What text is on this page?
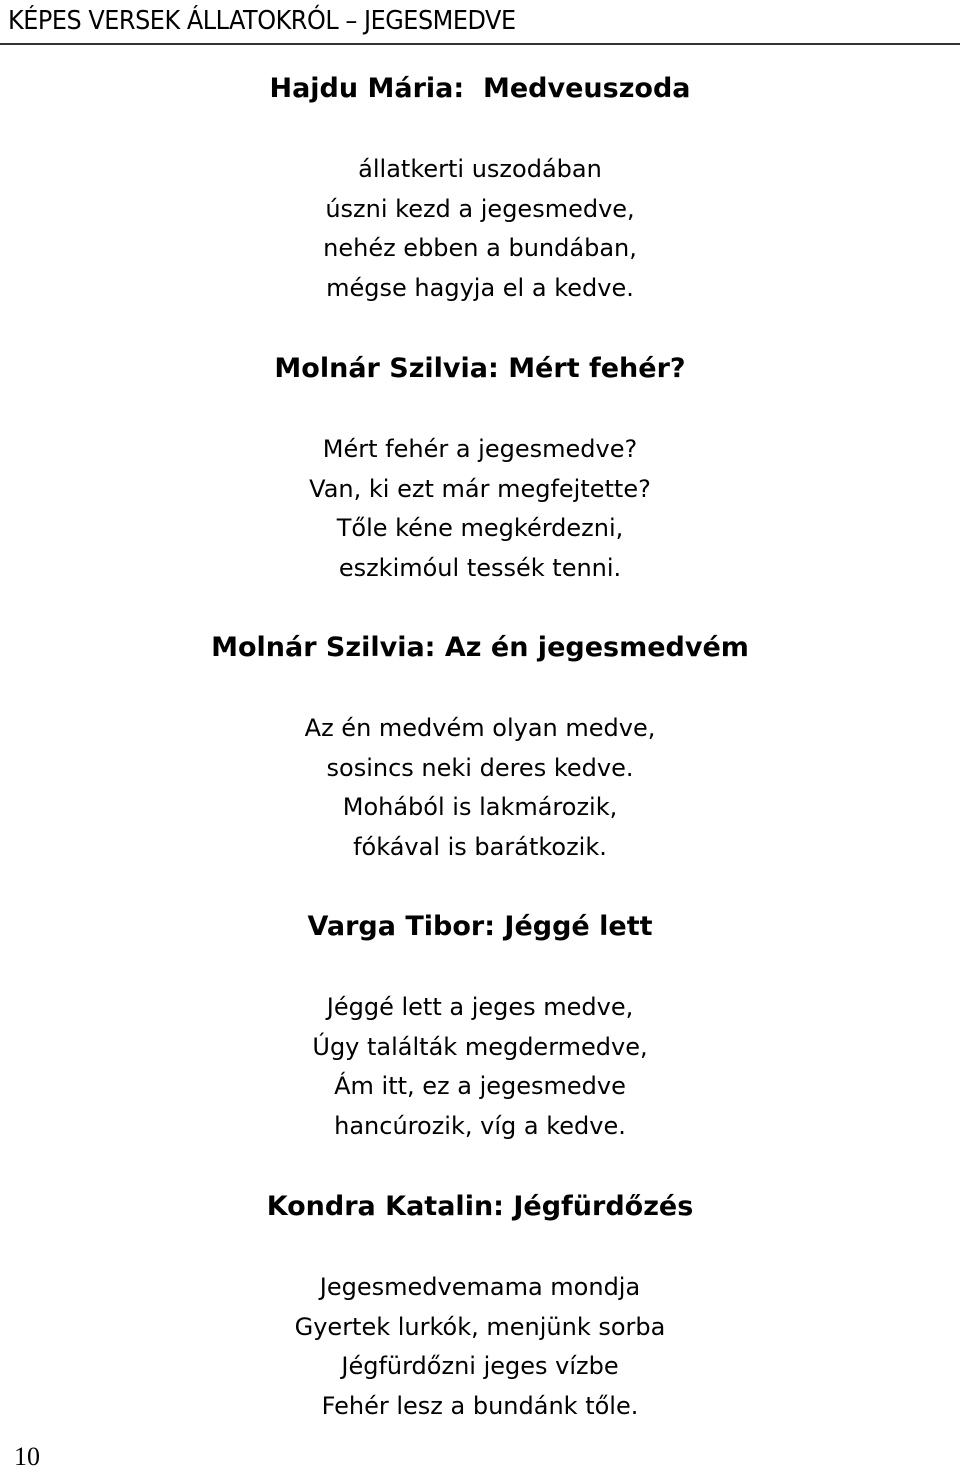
KÉPES VERSEK ÁLLATOKRÓL – JEGESMEDVE
Hajdu Mária:  Medveuszoda
állatkerti uszodában
úszni kezd a jegesmedve,
nehéz ebben a bundában,
mégse hagyja el a kedve.
Molnár Szilvia: Mért fehér?
Mért fehér a jegesmedve?
Van, ki ezt már megfejtette?
Tőle kéne megkérdezni,
eszkimóul tessék tenni.
Molnár Szilvia: Az én jegesmedvém
Az én medvém olyan medve,
sosincs neki deres kedve.
Mohából is lakmározik,
fókával is barátkozik.
Varga Tibor: Jéggé lett
Jéggé lett a jeges medve,
Úgy találták megdermedve,
Ám itt, ez a jegesmedve
hancúrozik, víg a kedve.
Kondra Katalin: Jégfürdőzés
Jegesmedvemama mondja
Gyertek lurkók, menjünk sorba
Jégfürdőzni jeges vízbe
Fehér lesz a bundánk tőle.
10
